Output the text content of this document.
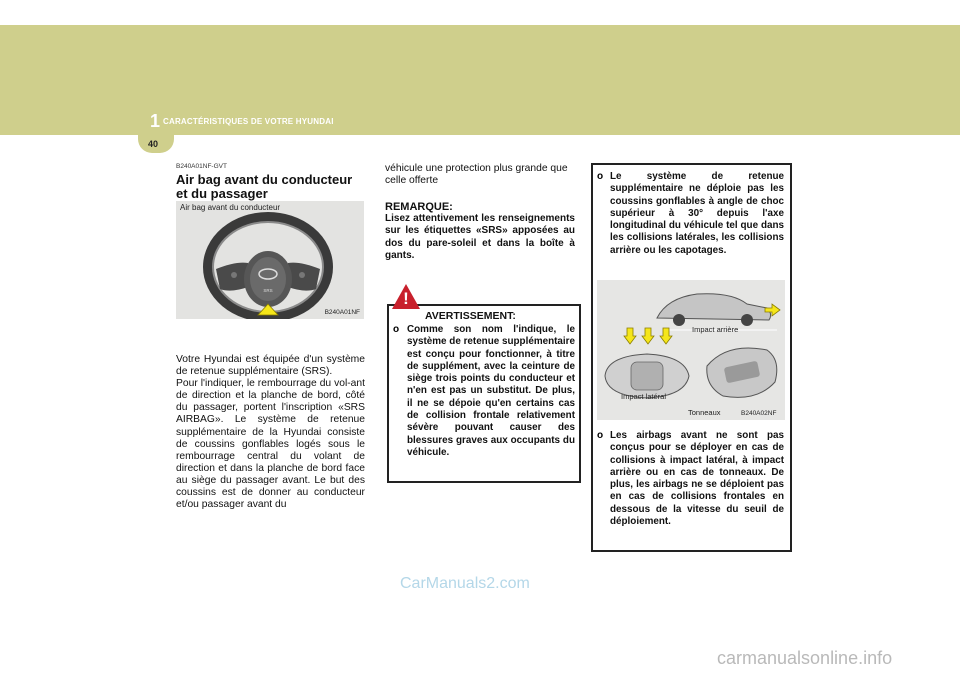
1 CARACTÉRISTIQUES DE VOTRE HYUNDAI
40
B240A01NF-GVT
Air bag avant du conducteur et du passager
Air bag avant du conducteur
SRS
B240A01NF
Votre Hyundai est équipée d'un système de retenue supplémentaire (SRS).
Pour l'indiquer, le rembourrage du vol-ant de direction et la planche de bord, côté du passager, portent l'inscription «SRS AIRBAG». Le système de retenue supplémentaire de la Hyundai consiste de coussins gonflables logés sous le rembourrage central du volant de direction et dans la planche de bord face au siège du passager avant. Le but des coussins est de donner au conducteur et/ou passager avant du
véhicule une protection plus grande que celle offerte
REMARQUE:
Lisez attentivement les renseignements sur les étiquettes «SRS» apposées au dos du pare-soleil et dans la boîte à gants.
!
AVERTISSEMENT:
o Comme son nom l'indique, le système de retenue supplémentaire est conçu pour fonctionner, à titre de supplément, avec la ceinture de siège trois points du conducteur et n'en est pas un substitut. De plus, il ne se dépoie qu'en certains cas de collision frontale relativement sévère pouvant causer des blessures graves aux occupants du véhicule.
o Le système de retenue supplémentaire ne déploie pas les coussins gonflables à angle de choc supérieur à 30° depuis l'axe longitudinal du véhicule tel que dans les collisions latérales, les collisions arrière ou les capotages.
Impact arrière
Impact latéral
Tonneaux	B240A02NF
o Les airbags avant ne sont pas conçus pour se déployer en cas de collisions à impact latéral, à impact arrière ou en cas de tonneaux. De plus, les airbags ne se déploient pas en cas de collisions frontales en dessous de la vitesse du seuil de déploiement.
CarManuals2.com
carmanualsonline.info
